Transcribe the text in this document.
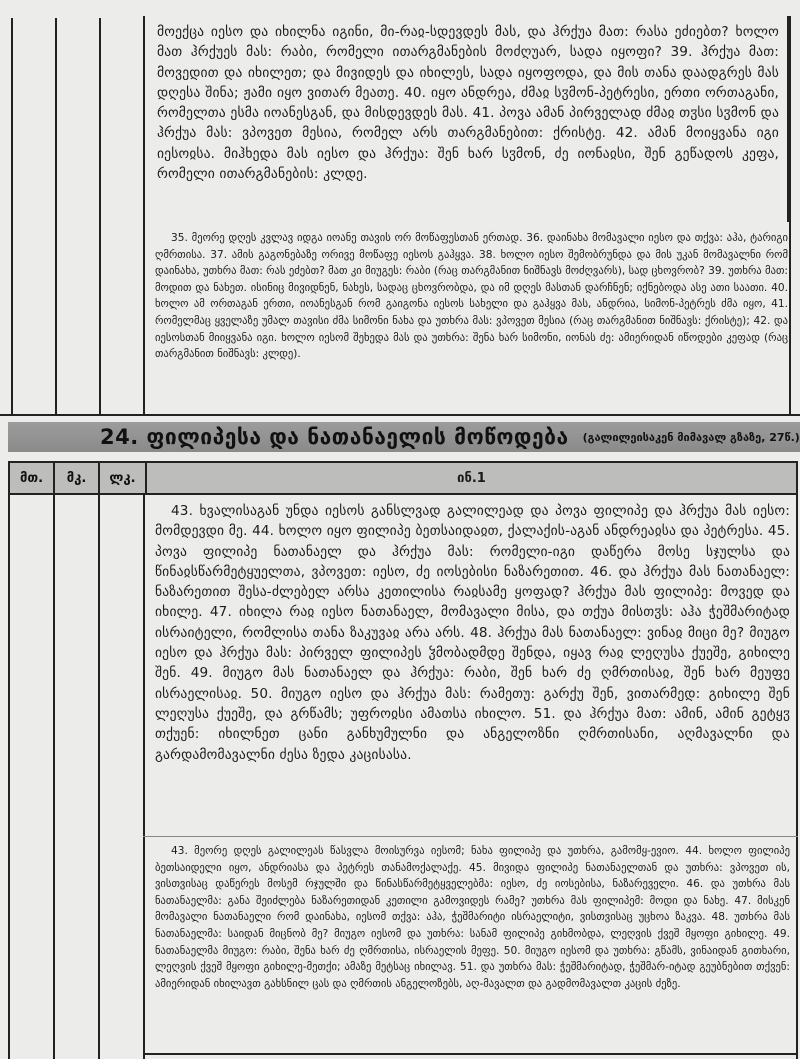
მოექცა იესო და იხილნა იგინი, მი-რაჲ-სდევდეს მას, და ჰრქუა მათ: რასა ეძიებთ? ხოლო მათ ჰრქუეს მას: რაბი, რომელი ითარგმანების მოძღუარ, სადა იყოფი? 39. ჰრქუა მათ: მოვედით და იხილეთ; და მივიდეს და იხილეს, სადა იყოფოდა, და მის თანა დაადგრეს მას დღესა შინა; ჟამი იყო ვითარ მეათე. 40. იყო ანდრეა, ძმაჲ სჳმონ-პეტრესი, ერთი ორთაგანი, რომელთა ესმა იოანესგან, და მისდევდეს მას. 41. პოვა ამან პირველად ძმაჲ თჳსი სჳმონ და ჰრქუა მას: ვპოვეთ მესია, რომელ არს თარგმანებით: ქრისტე. 42. ამან მოიყვანა იგი იესოჲსა. მიჰხედა მას იესო და ჰრქუა: შენ ხარ სჳმონ, ძე იონაჲსი, შენ გეწადოს კეფა, რომელი ითარგმანების: კლდე.
35. მეორე დღეს კვლავ იდგა იოანე თავის ორ მოწაფესთან ერთად. 36. დაინახა მომავალი იესო და თქვა: აჰა, ტარიგი ღმრთისა. 37. ამის გაგონებაზე ორივე მოწაფე იესოს გაჰყვა. 38. ხოლო იესო შემობრუნდა და მის უკან მომავალნი რომ დაინახა, უთხრა მათ: რას ეძებთ? მათ კი მიუგეს: რაბი (რაც თარგმანით ნიშნავს მოძღვარს), სად ცხოვრობ? 39. უთხრა მათ: მოდით და ნახეთ. ისინიც მივიდნენ, ნახეს, სადაც ცხოვრობდა, და იმ დღეს მასთან დარჩნენ; იქნებოდა ასე ათი საათი. 40. ხოლო ამ ორთაგან ერთი, იოანესგან რომ გაიგონა იესოს სახელი და გაჰყვა მას, ანდრია, სიმონ-პეტრეს ძმა იყო, 41. რომელმაც ყველაზე უმალ თავისი ძმა სიმონი ნახა და უთხრა მას: ვპოვეთ მესია (რაც თარგმანით ნიშნავს: ქრისტე); 42. და იესოსთან მიიყვანა იგი. ხოლო იესომ შეხედა მას და უთხრა: შენა ხარ სიმონი, იონას ძე: ამიერიდან იწოდები კეფად (რაც თარგმანით ნიშნავს: კლდე).
24. ფილიპესა და ნათანაელის მოწოდება (გალილეისაკენ მიმავალ გზაზე, 27წ.)
მთ.	მკ.	ლკ.	ინ.1
43. ხვალისაგან უნდა იესოს განსლვად გალილეად და პოვა ფილიპე და ჰრქუა მას იესო: მომდევდი მე. 44. ხოლო იყო ფილიპე ბეთსაიდაჲთ, ქალაქის-აგან ანდრეაჲსა და პეტრესა. 45. პოვა ფილიპე ნათანაელ და ჰრქუა მას: რომელი-იგი დაწერა მოსე სჯულსა და წინაჲსწარმეტყუელთა, ვპოვეთ: იესო, ძე იოსებისი ნაზარეთით. 46. და ჰრქუა მას ნათანაელ: ნაზარეთით შესა-ძლებელ არსა კეთილისა რაჲსამე ყოფად? ჰრქუა მას ფილიპე: მოვედ და იხილე. 47. იხილა რაჲ იესო ნათანაელ, მომავალი მისა, და თქუა მისთჳს: აჰა ჭეშმარიტად ისრაიტელი, რომლისა თანა ზაკუვაჲ არა არს. 48. ჰრქუა მას ნათანაელ: ვინაჲ მიცი მე? მიუგო იესო და ჰრქუა მას: პირველ ფილიპეს ჴმობადმდე შენდა, იყავ რაჲ ლეღუსა ქუეშე, გიხილე შენ. 49. მიუგო მას ნათანაელ და ჰრქუა: რაბი, შენ ხარ ძე ღმრთისაჲ, შენ ხარ მეუფე ისრაელისაჲ. 50. მიუგო იესო და ჰრქუა მას: რამეთუ: გარქუ შენ, ვითარმედ: გიხილე შენ ლეღუსა ქუეშე, და გრწამს; უფროჲსი ამათსა იხილო. 51. და ჰრქუა მათ: ამინ, ამინ გეტყჳ თქუენ: იხილნეთ ცანი განხუმულნი და ანგელოზნი ღმრთისანი, აღმავალნი და გარდამომავალნი ძესა ზედა კაცისასა.
43. მეორე დღეს გალილეას წასვლა მოისურვა იესომ; ნახა ფილიპე და უთხრა, გამომყ-ევიო. 44. ხოლო ფილიპე ბეთსაიდელი იყო, ანდრიასა და პეტრეს თანამოქალაქე. 45. მივიდა ფილიპე ნათანაელთან და უთხრა: ვპოვეთ ის, ვისთვისაც დაწერეს მოსემ რჯულში და წინასწარმეტყველებმა: იესო, ძე იოსებისა, ნაზარეველი. 46. და უთხრა მას ნათანაელმა: განა შეიძლება ნაზარეთიდან კეთილი გამოვიდეს რამე? უთხრა მას ფილიპემ: მოდი და ნახე. 47. მისკენ მომავალი ნათანაელი რომ დაინახა, იესომ თქვა: აჰა, ჭეშმარიტი ისრაელიტი, ვისთვისაც უცხოა ზაკვა. 48. უთხრა მას ნათანაელმა: საიდან მიცნობ მე? მიუგო იესომ და უთხრა: სანამ ფილიპე გიხმობდა, ლეღვის ქვეშ მყოფი გიხილე. 49. ნათანაელმა მიუგო: რაბი, შენა ხარ ძე ღმრთისა, ისრაელის მეფე. 50. მიუგო იესომ და უთხრა: გწამს, ვინაიდან გითხარი, ლეღვის ქვეშ მყოფი გიხილე-მეთქი; ამაზე მეტსაც იხილავ. 51. და უთხრა მას: ჭეშმარიტად, ჭეშმარ-იტად გეუბნებით თქვენ: ამიერიდან იხილავთ გახსნილ ცას და ღმრთის ანგელოზებს, აღ-მავალთ და გადმომავალთ კაცის ძეზე.
